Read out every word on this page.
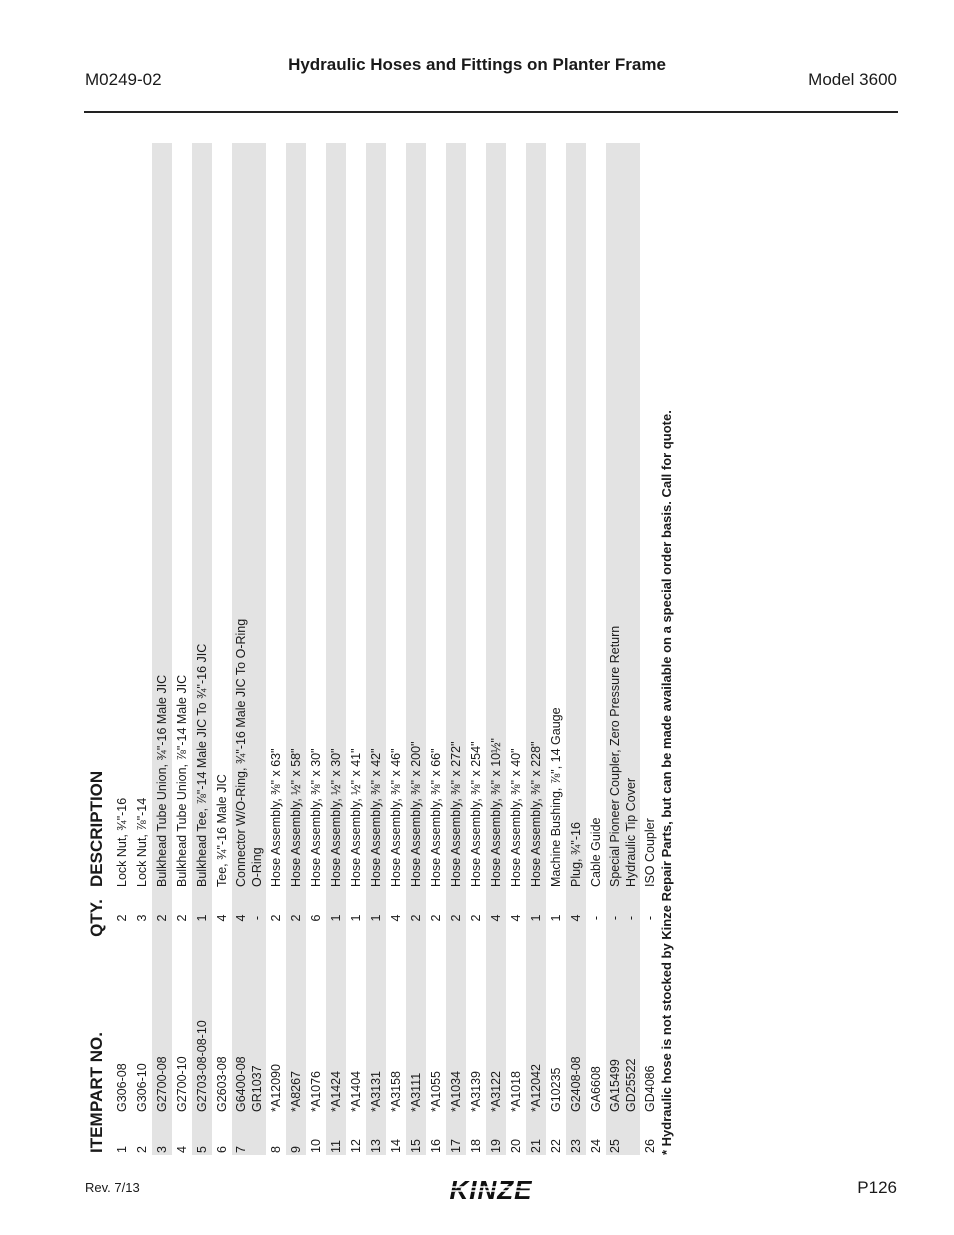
M0249-02
Hydraulic Hoses and Fittings on Planter Frame
Model 3600
ITEM
PART NO.
QTY.
DESCRIPTION
1
G306-08
2
Lock Nut, ¾"-16
2
G306-10
3
Lock Nut, ⅞"-14
3
G2700-08
2
Bulkhead Tube Union, ¾"-16 Male JIC
4
G2700-10
2
Bulkhead Tube Union, ⅞"-14 Male JIC
5
G2703-08-08-10
1
Bulkhead Tee, ⅞"-14 Male JIC To ¾"-16 JIC
6
G2603-08
4
Tee, ¾"-16 Male JIC
7
G6400-08 GR1037
4 -
Connector W/O-Ring, ¾"-16 Male JIC To O-Ring O-Ring
8
*A12090
2
Hose Assembly, ⅜" x 63"
9
*A8267
2
Hose Assembly, ½" x 58"
10
*A1076
6
Hose Assembly, ⅜" x 30"
11
*A1424
1
Hose Assembly, ½" x 30"
12
*A1404
1
Hose Assembly, ½" x 41"
13
*A3131
1
Hose Assembly, ⅜" x 42"
14
*A3158
4
Hose Assembly, ⅜" x 46"
15
*A3111
2
Hose Assembly, ⅜" x 200"
16
*A1055
2
Hose Assembly, ⅜" x 66"
17
*A1034
2
Hose Assembly, ⅜" x 272"
18
*A3139
2
Hose Assembly, ⅜" x 254"
19
*A3122
4
Hose Assembly, ⅜" x 10½"
20
*A1018
4
Hose Assembly, ⅜" x 40"
21
*A12042
1
Hose Assembly, ⅜" x 228"
22
G10235
1
Machine Bushing, ⅞", 14 Gauge
23
G2408-08
4
Plug, ¾"-16
24
GA6608
-
Cable Guide
25
GA15499 GD25522
- -
Special Pioneer Coupler, Zero Pressure Return Hydraulic Tip Cover
26
GD4086
-
ISO Coupler * Hydraulic hose is not stocked by Kinze Repair Parts, but can be made available on a special order basis. Call for quote.
Rev. 7/13	KINZE	P126
